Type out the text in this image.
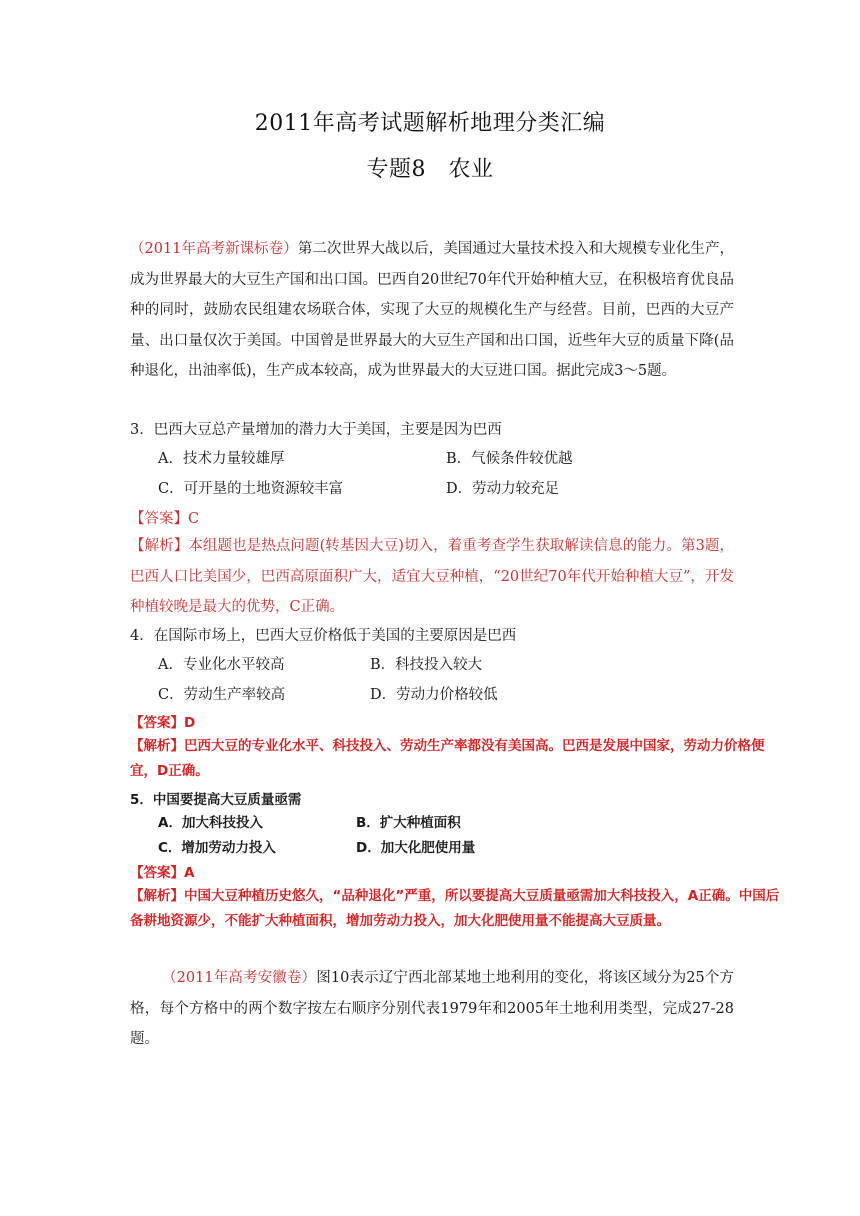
2011年高考试题解析地理分类汇编
专题8　农业
（2011年高考新课标卷）第二次世界大战以后，美国通过大量技术投入和大规模专业化生产，成为世界最大的大豆生产国和出口国。巴西自20世纪70年代开始种植大豆，在积极培育优良品种的同时，鼓励农民组建农场联合体，实现了大豆的规模化生产与经营。目前，巴西的大豆产量、出口量仅次于美国。中国曾是世界最大的大豆生产国和出口国，近些年大豆的质量下降(品种退化，出油率低)，生产成本较高，成为世界最大的大豆进口国。据此完成3～5题。
3．巴西大豆总产量增加的潜力大于美国，主要是因为巴西
A．技术力量较雄厚	B．气候条件较优越
C．可开垦的土地资源较丰富	D．劳动力较充足
【答案】C
【解析】本组题也是热点问题(转基因大豆)切入，着重考查学生获取解读信息的能力。第3题，巴西人口比美国少，巴西高原面积广大，适宜大豆种植，“20世纪70年代开始种植大豆”，开发种植较晚是最大的优势，C正确。
4．在国际市场上，巴西大豆价格低于美国的主要原因是巴西
A．专业化水平较高	B．科技投入较大
C．劳动生产率较高	D．劳动力价格较低
【答案】D
【解析】巴西大豆的专业化水平、科技投入、劳动生产率都没有美国高。巴西是发展中国家，劳动力价格便宜，D正确。
5．中国要提高大豆质量亟需
A．加大科技投入	B．扩大种植面积
C．增加劳动力投入	D．加大化肥使用量
【答案】A
【解析】中国大豆种植历史悠久，“品种退化”严重，所以要提高大豆质量亟需加大科技投入，A正确。中国后备耕地资源少，不能扩大种植面积，增加劳动力投入，加大化肥使用量不能提高大豆质量。
（2011年高考安徽卷）图10表示辽宁西北部某地土地利用的变化，将该区域分为25个方格，每个方格中的两个数字按左右顺序分别代表1979年和2005年土地利用类型，完成27-28题。
